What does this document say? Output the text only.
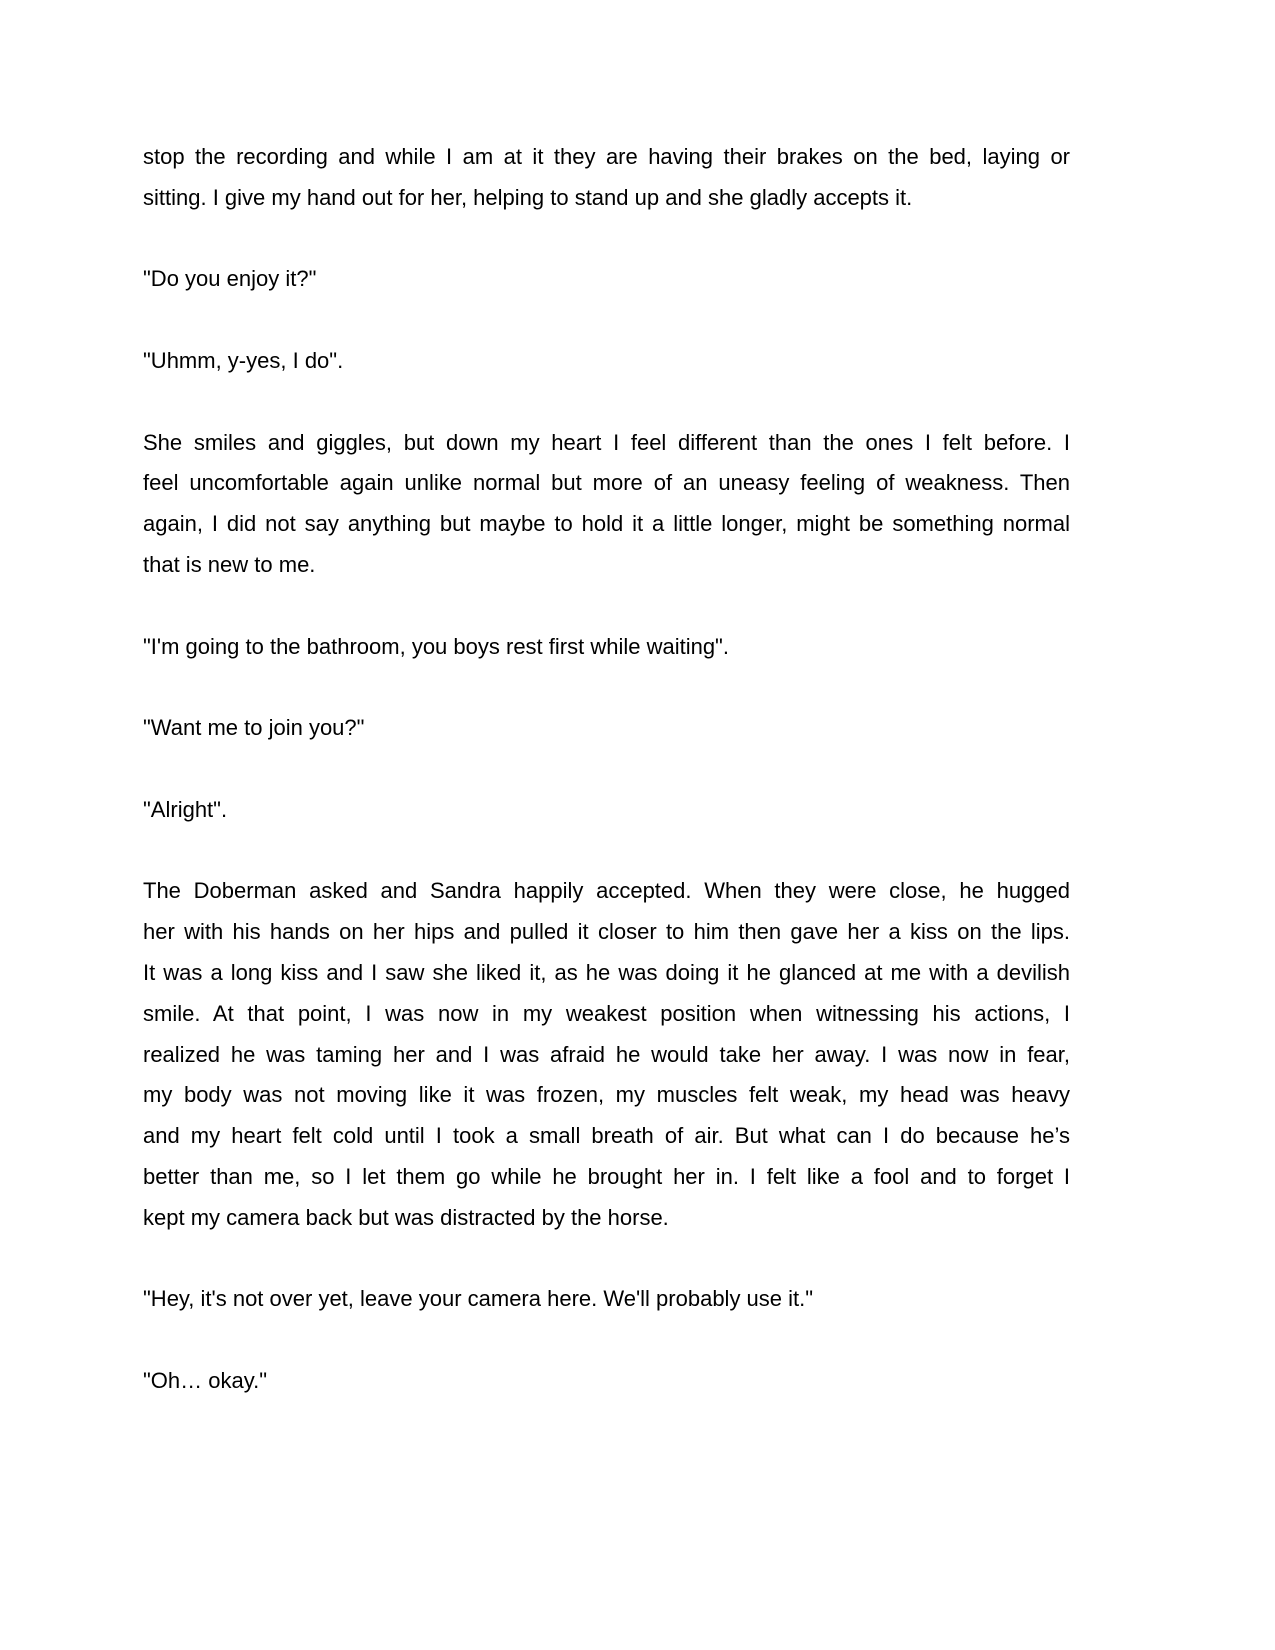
stop the recording and while I am at it they are having their brakes on the bed, laying or
sitting. I give my hand out for her, helping to stand up and she gladly accepts it.
"Do you enjoy it?"
"Uhmm, y-yes, I do".
She smiles and giggles, but down my heart I feel different than the ones I felt before. I
feel uncomfortable again unlike normal but more of an uneasy feeling of weakness. Then
again, I did not say anything but maybe to hold it a little longer, might be something normal
that is new to me.
"I'm going to the bathroom, you boys rest first while waiting".
"Want me to join you?"
"Alright".
The Doberman asked and Sandra happily accepted. When they were close, he hugged
her with his hands on her hips and pulled it closer to him then gave her a kiss on the lips.
It was a long kiss and I saw she liked it, as he was doing it he glanced at me with a devilish
smile. At that point, I was now in my weakest position when witnessing his actions, I
realized he was taming her and I was afraid he would take her away. I was now in fear,
my body was not moving like it was frozen, my muscles felt weak, my head was heavy
and my heart felt cold until I took a small breath of air. But what can I do because he’s
better than me, so I let them go while he brought her in. I felt like a fool and to forget I
kept my camera back but was distracted by the horse.
"Hey, it's not over yet, leave your camera here. We'll probably use it."
"Oh… okay."
